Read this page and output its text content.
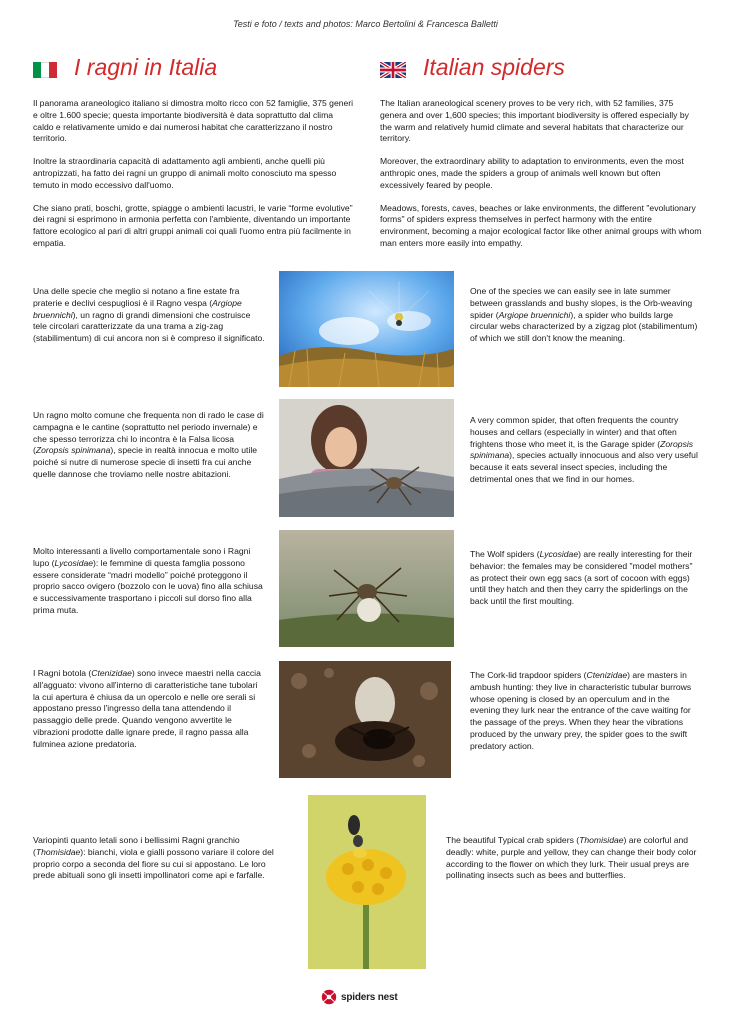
Testi e foto / texts and photos: Marco Bertolini & Francesca Balletti
I ragni in Italia	Italian spiders

Il panorama araneologico italiano si dimostra molto ricco con 52 famiglie, 375 generi e oltre 1.600 specie; questa importante biodiversità è data soprattutto dal clima caldo e relativamente umido e dai numerosi habitat che caratterizzano il nostro territorio.

Inoltre la straordinaria capacità di adattamento agli ambienti, anche quelli più antropizzati, ha fatto dei ragni un gruppo di animali molto conosciuto ma spesso temuto in modo eccessivo dall'uomo.

Che siano prati, boschi, grotte, spiagge o ambienti lacustri, le varie “forme evolutive” dei ragni si esprimono in armonia perfetta con l'ambiente, diventando un importante fattore ecologico al pari di altri gruppi animali coi quali l'uomo entra più facilmente in empatia.

The Italian araneological scenery proves to be very rich, with 52 families, 375 genera and over 1,600 species; this important biodiversity is offered especially by the warm and relatively humid climate and several habitats that characterize our territory.

Moreover, the extraordinary ability to adaptation to environments, even the most anthropic ones, made the spiders a group of animals well known but often excessively feared by people.

Meadows, forests, caves, beaches or lake environments, the different "evolutionary forms" of spiders express themselves in perfect harmony with the entire environment, becoming a major ecological factor like other animal groups with whom man enters more easily into empathy.

Una delle specie che meglio si notano a fine estate fra praterie e declivi cespugliosi è il Ragno vespa (Argiope bruennichi), un ragno di grandi dimensioni che costruisce tele circolari caratterizzate da una trama a zig-zag (stabilimentum) di cui ancora non si è compreso il significato.

One of the species we can easily see in late summer between grasslands and bushy slopes, is the Orb-weaving spider (Argiope bruennichi), a spider who builds large circular webs characterized by a zigzag plot (stabilimentum) of which we still don't know the meaning.

Un ragno molto comune che frequenta non di rado le case di campagna e le cantine (soprattutto nel periodo invernale) e che spesso terrorizza chi lo incontra è la Falsa licosa (Zoropsis spinimana), specie in realtà innocua e molto utile poiché si nutre di numerose specie di insetti fra cui anche quelle dannose che troviamo nelle nostre abitazioni.

A very common spider, that often frequents the country houses and cellars (especially in winter) and that often frightens those who meet it, is the Garage spider (Zoropsis spinimana), species actually innocuous and also very useful because it eats several insect species, including the detrimental ones that we find in our homes.

Molto interessanti a livello comportamentale sono i Ragni lupo (Lycosidae): le femmine di questa famglia possono essere considerate “madri modello” poiché proteggono il proprio sacco ovigero (bozzolo con le uova) fino alla schiusa e successivamente trasportano i piccoli sul dorso fino alla prima muta.

The Wolf spiders (Lycosidae) are really interesting for their behavior: the females may be considered "model mothers" as protect their own egg sacs (a sort of cocoon with eggs) until they hatch and then they carry the spiderlings on the back until the first moulting.

I Ragni botola (Ctenizidae) sono invece maestri nella caccia all'agguato: vivono all'interno di caratteristiche tane tubolari la cui apertura è chiusa da un opercolo e nelle ore serali si appostano presso l'ingresso della tana attendendo il passaggio delle prede. Quando vengono avvertite le vibrazioni prodotte dalle ignare prede, il ragno passa alla fulminea azione predatoria.

The Cork-lid trapdoor spiders (Ctenizidae) are masters in ambush hunting: they live in characteristic tubular burrows whose opening is closed by an operculum and in the evening they lurk near the entrance of the cave waiting for the passage of the preys. When they hear the vibrations produced by the unwary prey, the spider goes to the swift predatory action.

Variopinti quanto letali sono i bellissimi Ragni granchio (Thomisidae): bianchi, viola e gialli possono variare il colore del proprio corpo a seconda del fiore su cui si appostano. Le loro prede abituali sono gli insetti impollinatori come api e farfalle.

The beautiful Typical crab spiders (Thomisidae) are colorful and deadly: white, purple and yellow, they can change their body color according to the flower on which they lurk. Their usual preys are pollinating insects such as bees and butterflies.

spiders nest
